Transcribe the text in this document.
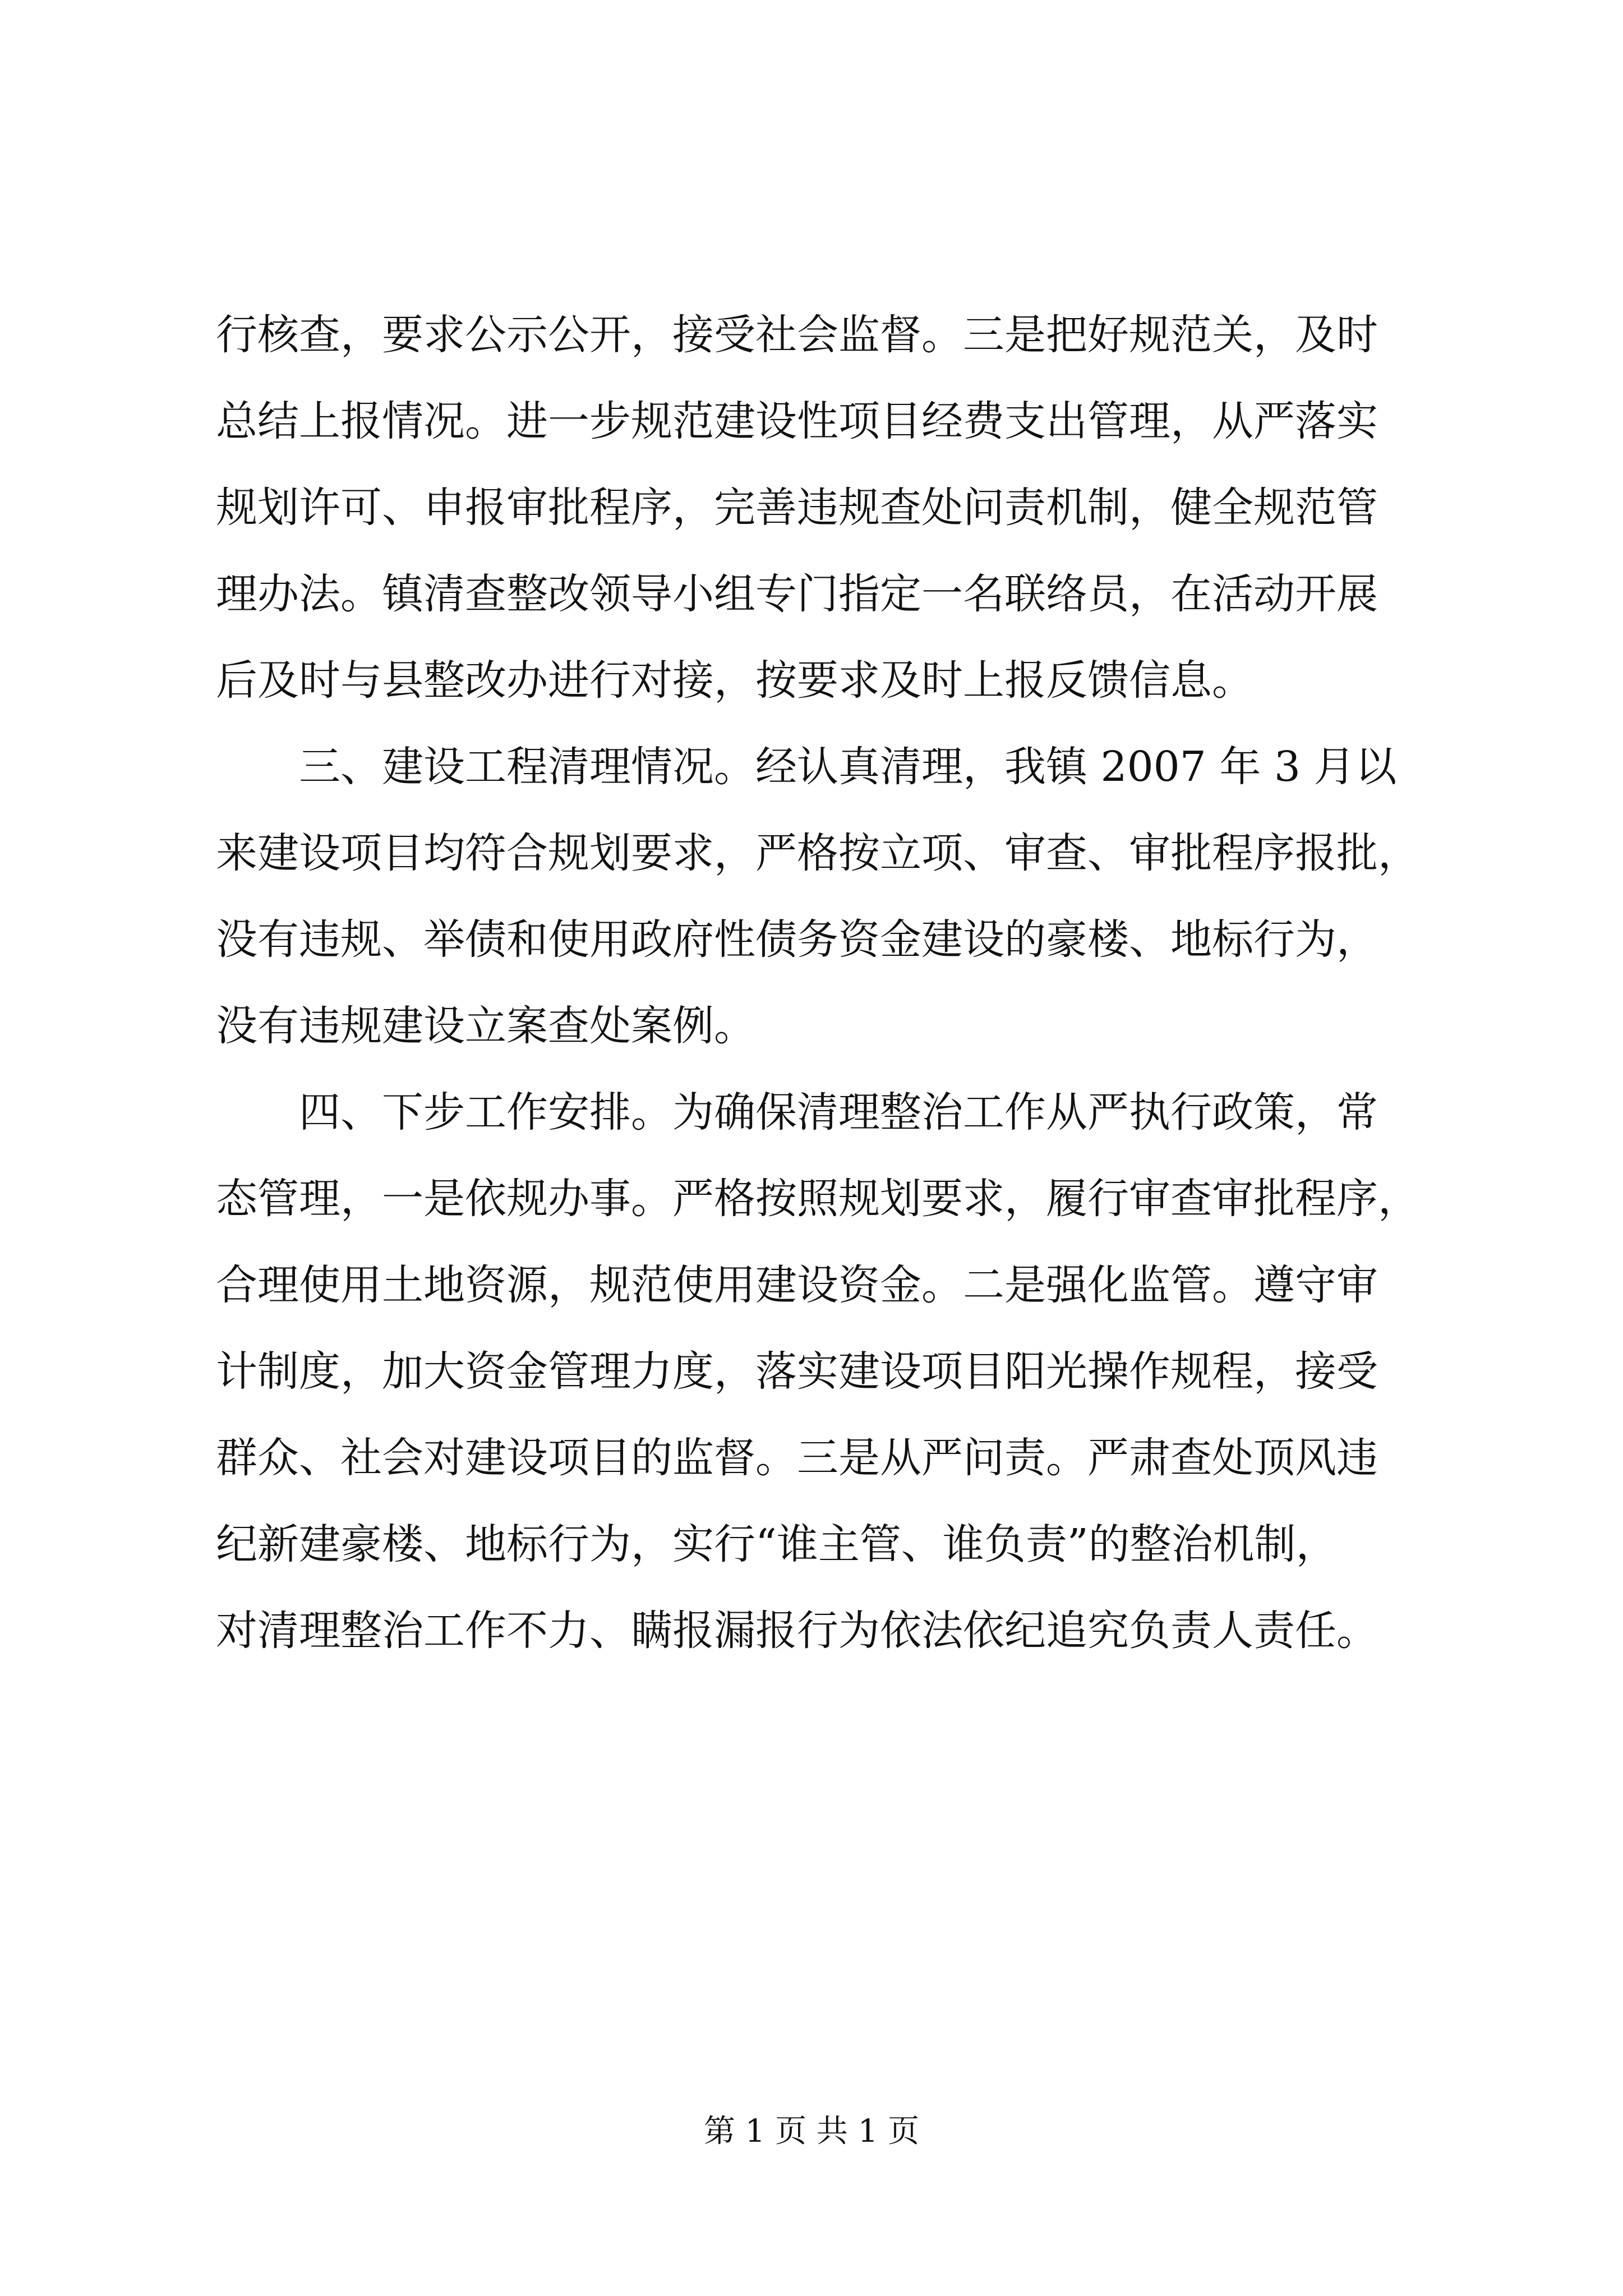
行核查，要求公示公开，接受社会监督。三是把好规范关，及时

总结上报情况。进一步规范建设性项目经费支出管理，从严落实

规划许可、申报审批程序，完善违规查处问责机制，健全规范管

理办法。镇清查整改领导小组专门指定一名联络员，在活动开展

后及时与县整改办进行对接，按要求及时上报反馈信息。

三、建设工程清理情况。经认真清理，我镇 2007 年 3 月以

来建设项目均符合规划要求，严格按立项、审查、审批程序报批，

没有违规、举债和使用政府性债务资金建设的豪楼、地标行为，

没有违规建设立案查处案例。

四、下步工作安排。为确保清理整治工作从严执行政策，常

态管理，一是依规办事。严格按照规划要求，履行审查审批程序，

合理使用土地资源，规范使用建设资金。二是强化监管。遵守审

计制度，加大资金管理力度，落实建设项目阳光操作规程，接受

群众、社会对建设项目的监督。三是从严问责。严肃查处顶风违

纪新建豪楼、地标行为，实行“谁主管、谁负责”的整治机制，

对清理整治工作不力、瞒报漏报行为依法依纪追究负责人责任。

第 1 页 共 1 页
